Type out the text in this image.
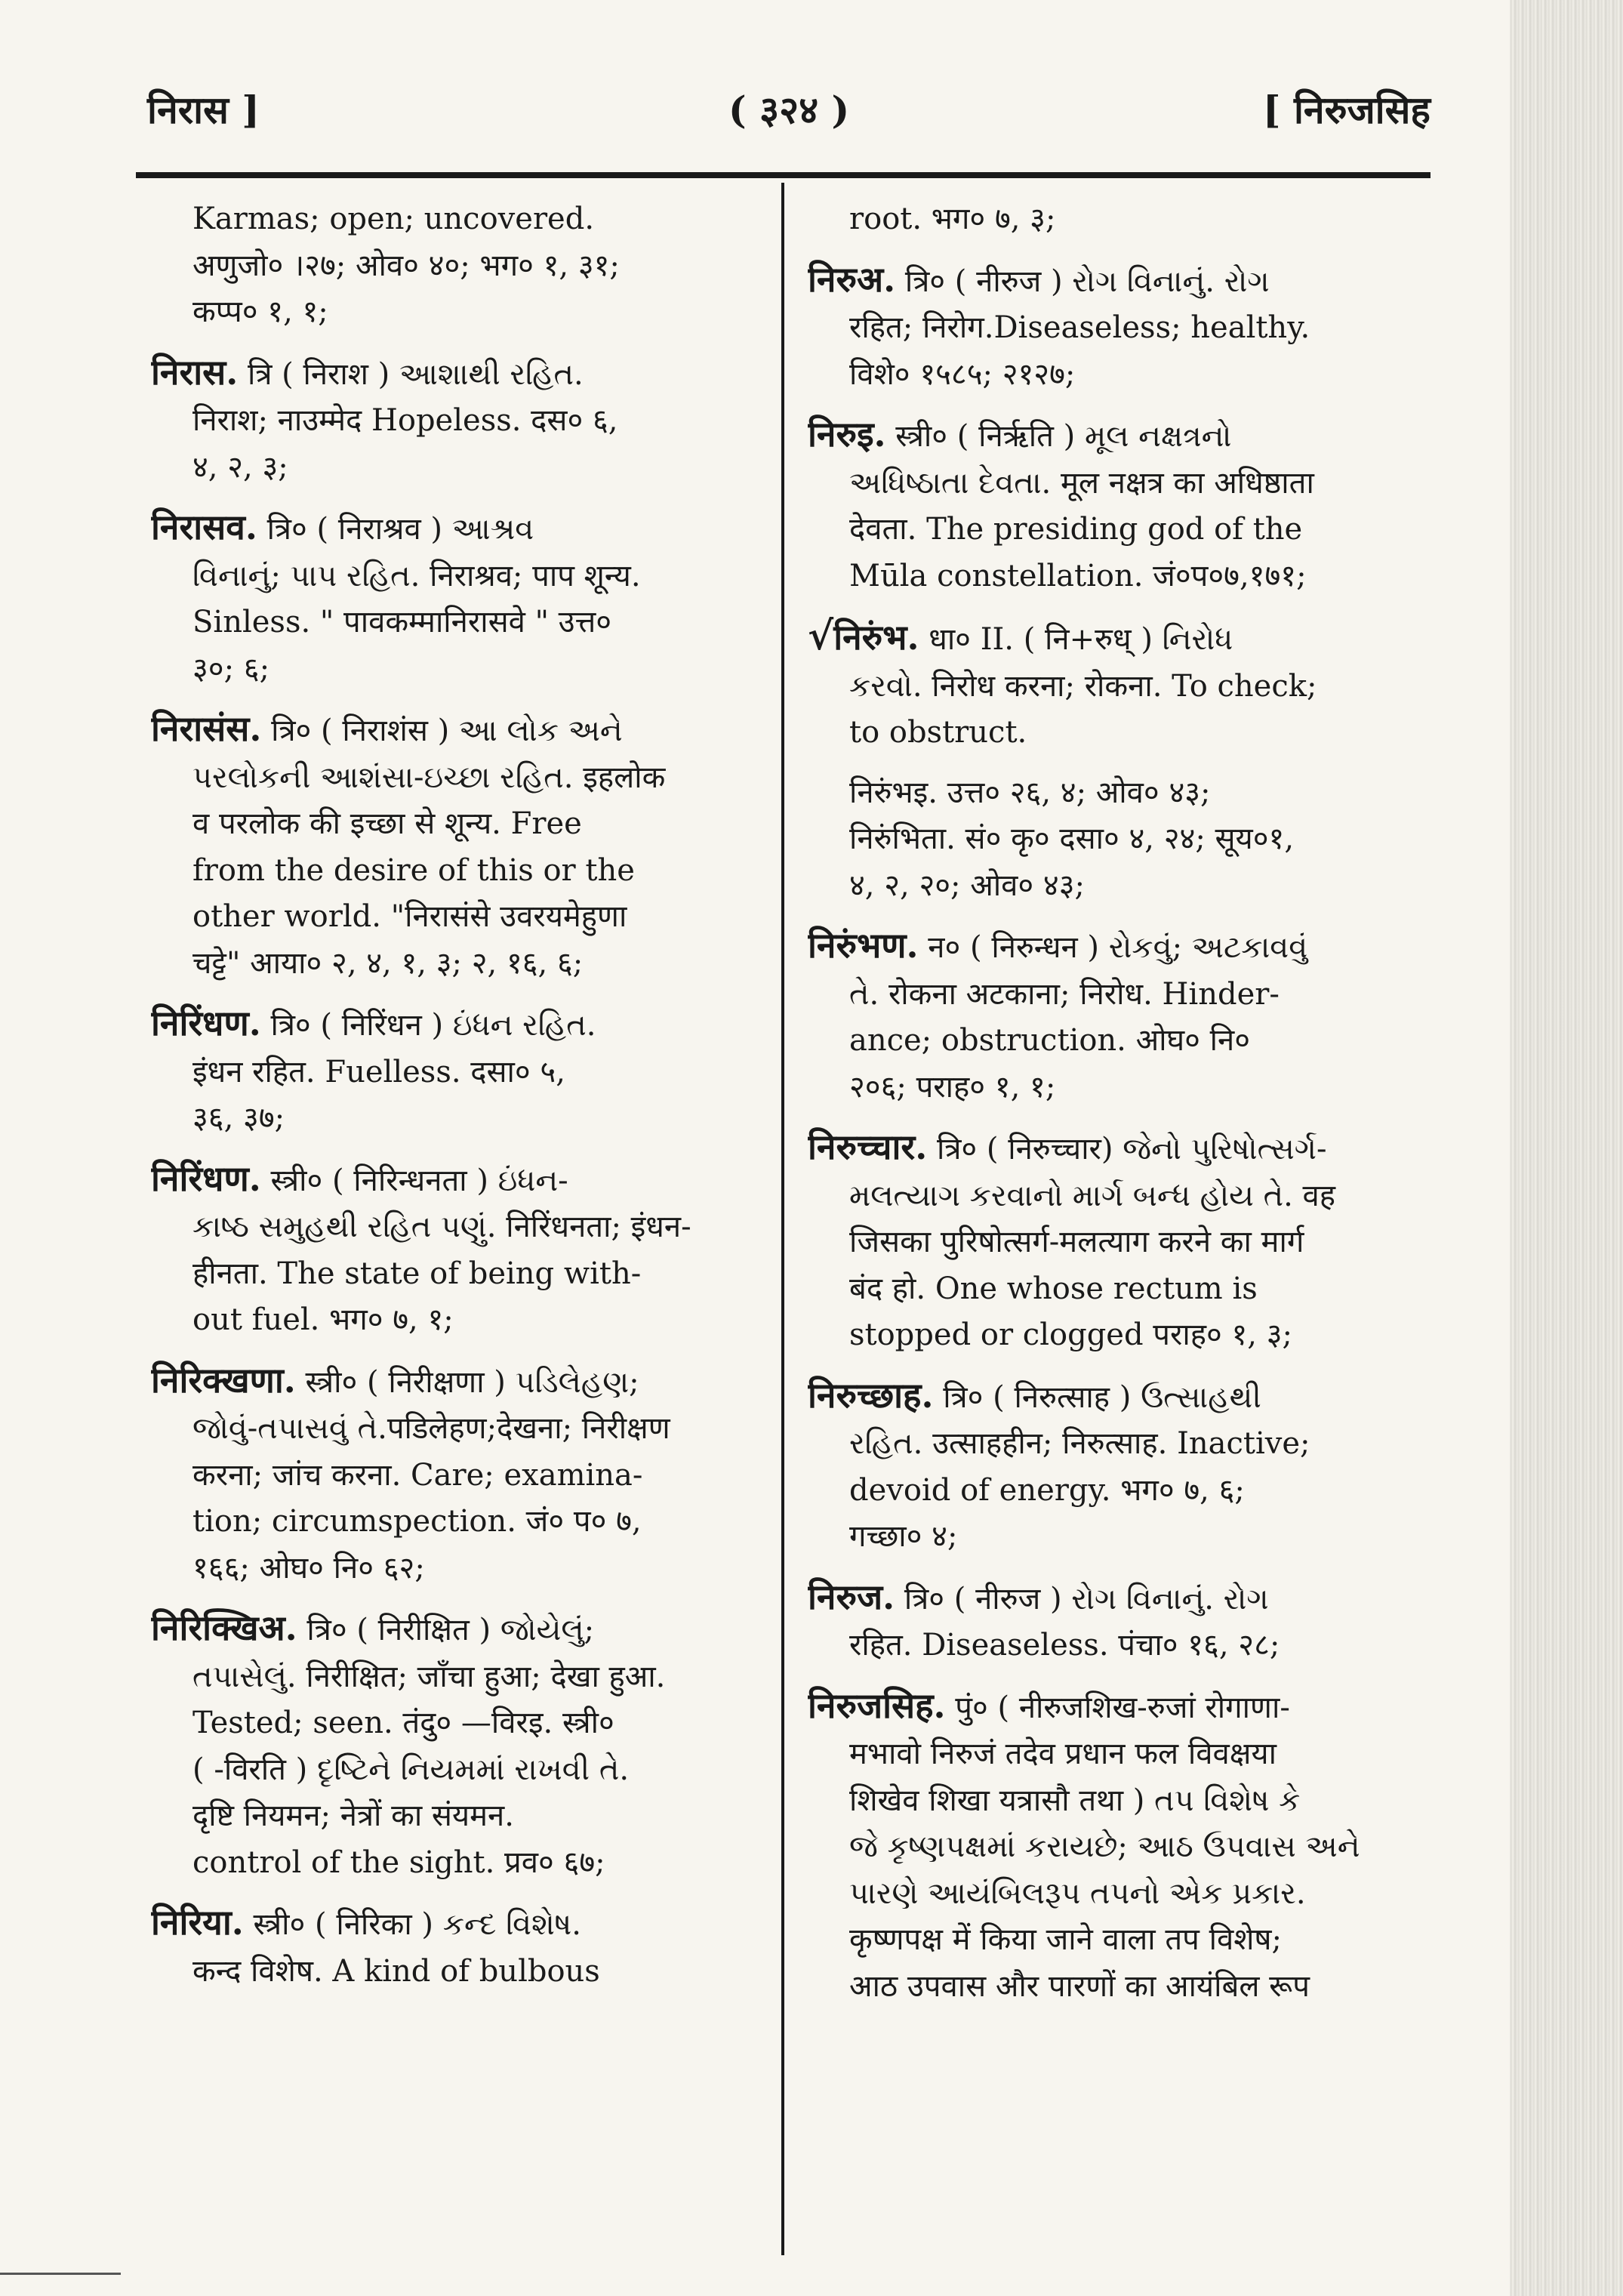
निरास ]	( ३२४ )	[ निरुजसिह
Karmas; open; uncovered.
अणुजो० ।२७; ओव० ४०; भग० १, ३१;
कप्प० १, १;
निरास. त्रि ( निराश ) આશાથી રહિત.
निराश; नाउम्मेद Hopeless. दस० ६,
४, २, ३;
निरासव. त्रि० ( निराश्रव ) આશ્રવ
વિનાનું; પાપ રહિત. निराश्रव; पाप शून्य.
Sinless. " पावकम्मानिरासवे " उत्त०
३०; ६;
निरासंस. त्रि० ( निराशंस ) આ લોક અને
પરલોકની આશંસા-ઇચ્છા રહિત. इहलोक
व परलोक की इच्छा से शून्य. Free
from the desire of this or the
other world. "निरासंसे उवरयमेहुणा
चट्टे" आया० २, ४, १, ३; २, १६, ६;
निरिंधण. त्रि० ( निरिंधन ) ઇંધન રહિત.
इंधन रहित. Fuelless. दसा० ५,
३६, ३७;
निरिंधण. स्त्री० ( निरिन्धनता ) ઇંધન-
કાષ્ઠ સમુહથી રહિત પણું. निरिंधनता; इंधन-
हीनता. The state of being with-
out fuel. भग० ७, १;
निरिक्खणा. स्त्री० ( निरीक्षणा ) પડિલેહણ;
જોવું-તપાસવું તે.पडिलेहण;देखना; निरीक्षण
करना; जांच करना. Care; examina-
tion; circumspection. जं० प० ७,
१६६; ओघ० नि० ६२;
निरिक्खिअ. त्रि० ( निरीक्षित ) જોયેલું;
તપાસેલું. निरीक्षित; जाँचा हुआ; देखा हुआ.
Tested; seen. तंदु० —विरइ. स्त्री०
( -विरति ) દૃષ્ટિને નિયમમાં રાખવી તે.
दृष्टि नियमन; नेत्रों का संयमन.
control of the sight. प्रव० ६७;
निरिया. स्त्री० ( निरिका ) કન્દ વિશેષ.
कन्द विशेष. A kind of bulbous
root. भग० ७, ३;
निरुअ. त्रि० ( नीरुज ) રોગ વિનાનું. રોગ
रहित; निरोग.Diseaseless; healthy.
विशे० १५८५; २१२७;
निरुइ. स्त्री० ( निर्ऋति ) મૂલ નક્ષત્રનો
અધિષ્ઠાતા દેવતા. मूल नक्षत्र का अधिष्ठाता
देवता. The presiding god of the
Mūla constellation. जं०प०७,१७१;
√निरुंभ. धा० II. ( नि+रुध् ) નિરોધ
કરવો. निरोध करना; रोकना. To check;
to obstruct.
निरुंभइ. उत्त० २६, ४; ओव० ४३;
निरुंभिता. सं० कृ० दसा० ४, २४; सूय०१,
४, २, २०; ओव० ४३;
निरुंभण. न० ( निरुन्धन ) રોકવું; અટકાવવું
તે. रोकना अटकाना; निरोध. Hinder-
ance; obstruction. ओघ० नि०
२०६; पराह० १, १;
निरुच्चार. त्रि० ( निरुच्चार) જેનો પુરિષોત્સર્ગ-
મલત્યાગ કરવાનો માર્ગ બન્ધ હોય તે. वह
जिसका पुरिषोत्सर्ग-मलत्याग करने का मार्ग
बंद हो. One whose rectum is
stopped or clogged पराह० १, ३;
निरुच्छाह. त्रि० ( निरुत्साह ) ઉત્સાહથી
રહિત. उत्साहहीन; निरुत्साह. Inactive;
devoid of energy. भग० ७, ६;
गच्छा० ४;
निरुज. त्रि० ( नीरुज ) રોગ વિનાનું. રોગ
रहित. Diseaseless. पंचा० १६, २८;
निरुजसिह. पुं० ( नीरुजशिख-रुजां रोगाणा-
मभावो निरुजं तदेव प्रधान फल विवक्षया
शिखेव शिखा यत्रासौ तथा ) તપ વિશેષ કે
જે કૃષ્ણપક્ષમાં કરાયછે; આઠ ઉપવાસ અને
પારણે આયંબિલરૂપ તપનો એક પ્રકાર.
कृष्णपक्ष में किया जाने वाला तप विशेष;
आठ उपवास और पारणों का आयंबिल रूप
